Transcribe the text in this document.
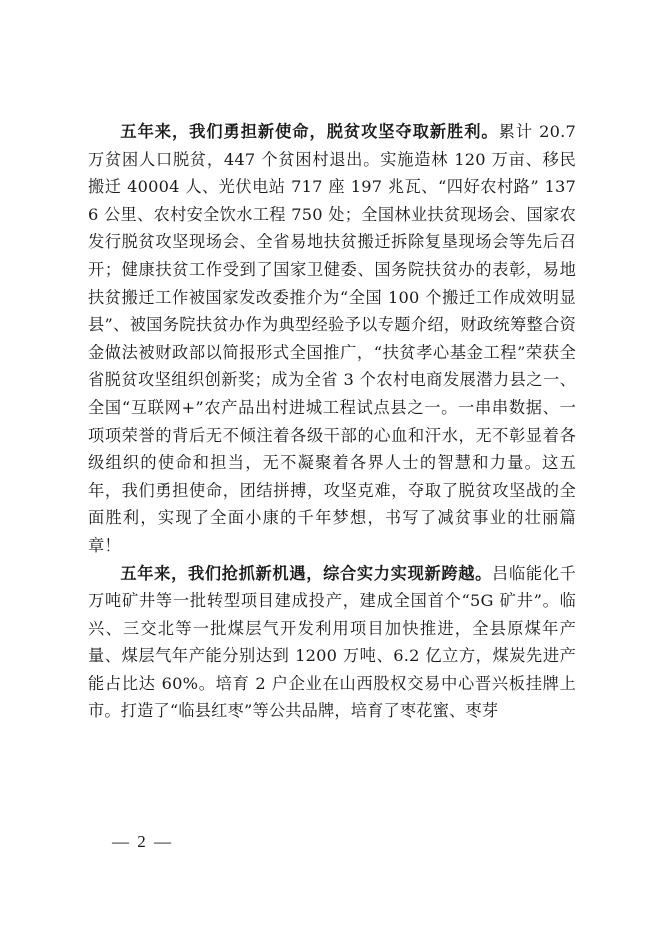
五年来，我们勇担新使命，脱贫攻坚夺取新胜利。累计 20.7 万贫困人口脱贫，447 个贫困村退出。实施造林 120 万亩、移民搬迁 40004 人、光伏电站 717 座 197 兆瓦、“四好农村路” 1376 公里、农村安全饮水工程 750 处；全国林业扶贫现场会、国家农发行脱贫攻坚现场会、全省易地扶贫搬迁拆除复垦现场会等先后召开；健康扶贫工作受到了国家卫健委、国务院扶贫办的表彰，易地扶贫搬迁工作被国家发改委推介为“全国 100 个搬迁工作成效明显县”、被国务院扶贫办作为典型经验予以专题介绍，财政统筹整合资金做法被财政部以简报形式全国推广，“扶贫孝心基金工程”荣获全省脱贫攻坚组织创新奖；成为全省 3 个农村电商发展潜力县之一、全国“互联网+”农产品出村进城工程试点县之一。一串串数据、一项项荣誉的背后无不倾注着各级干部的心血和汗水，无不彰显着各级组织的使命和担当，无不凝聚着各界人士的智慧和力量。这五年，我们勇担使命，团结拼搏，攻坚克难，夺取了脱贫攻坚战的全面胜利，实现了全面小康的千年梦想，书写了减贫事业的壮丽篇章！

五年来，我们抢抓新机遇，综合实力实现新跨越。吕临能化千万吨矿井等一批转型项目建成投产，建成全国首个“5G 矿井”。临兴、三交北等一批煤层气开发利用项目加快推进，全县原煤年产量、煤层气年产能分别达到 1200 万吨、6.2 亿立方，煤炭先进产能占比达 60%。培育 2 户企业在山西股权交易中心晋兴板挂牌上市。打造了“临县红枣”等公共品牌，培育了枣花蜜、枣芽

— 2 —
